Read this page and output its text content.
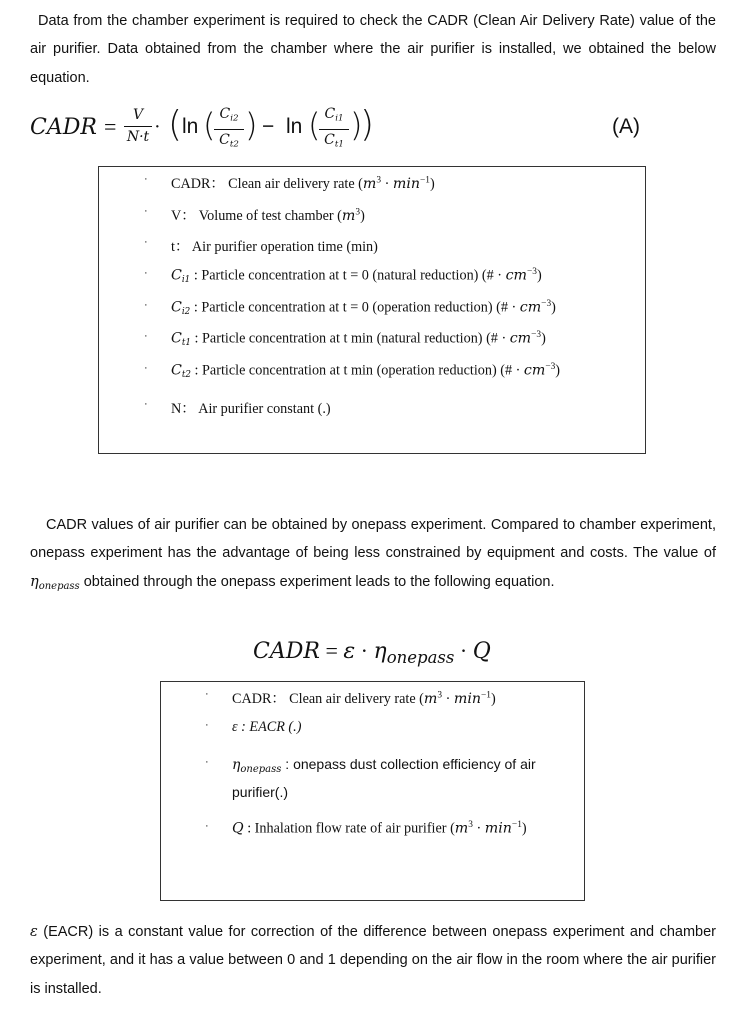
Data from the chamber experiment is required to check the CADR (Clean Air Delivery Rate) value of the air purifier. Data obtained from the chamber where the air purifier is installed, we obtained the below equation.

CADR =	V
N·t · ( ln ( $C_{i2}$
$C_{t2}$
) − ln ( $C_{i1}$
$C_{t1}$
)
)	(A)
· CADR： Clean air delivery rate $(m^3 \cdot \min^{-1})$
· V： Volume of test chamber $(m^3)$
· t： Air purifier operation time (min)
· $C_{i1}$ : Particle concentration at t = 0 (natural reduction) (# · $cm^{-3}$)
· $C_{i2}$ : Particle concentration at t = 0 (operation reduction) (# · $cm^{-3}$)
· $C_{t1}$ : Particle concentration at t min (natural reduction) (# · $cm^{-3}$)
· $C_{t2}$ : Particle concentration at t min (operation reduction) (# · $cm^{-3}$)
· N： Air purifier constant (.)

CADR values of air purifier can be obtained by onepass experiment. Compared to chamber experiment, onepass experiment has the advantage of being less constrained by equipment and costs. The value of $\eta_{onepass}$ obtained through the onepass experiment leads to the following equation.

CADR = $\varepsilon \cdot \eta_{onepass} \cdot Q$
· CADR： Clean air delivery rate $(m^3 \cdot \min^{-1})$
· ε : EACR (.)
· $\eta_{onepass}$ : onepass dust collection efficiency of air
purifier(.)
· Q : Inhalation flow rate of air purifier $(m^3 \cdot \min^{-1})$

ε (EACR) is a constant value for correction of the difference between onepass experiment and chamber experiment, and it has a value between 0 and 1 depending on the air flow in the room where the air purifier is installed.
